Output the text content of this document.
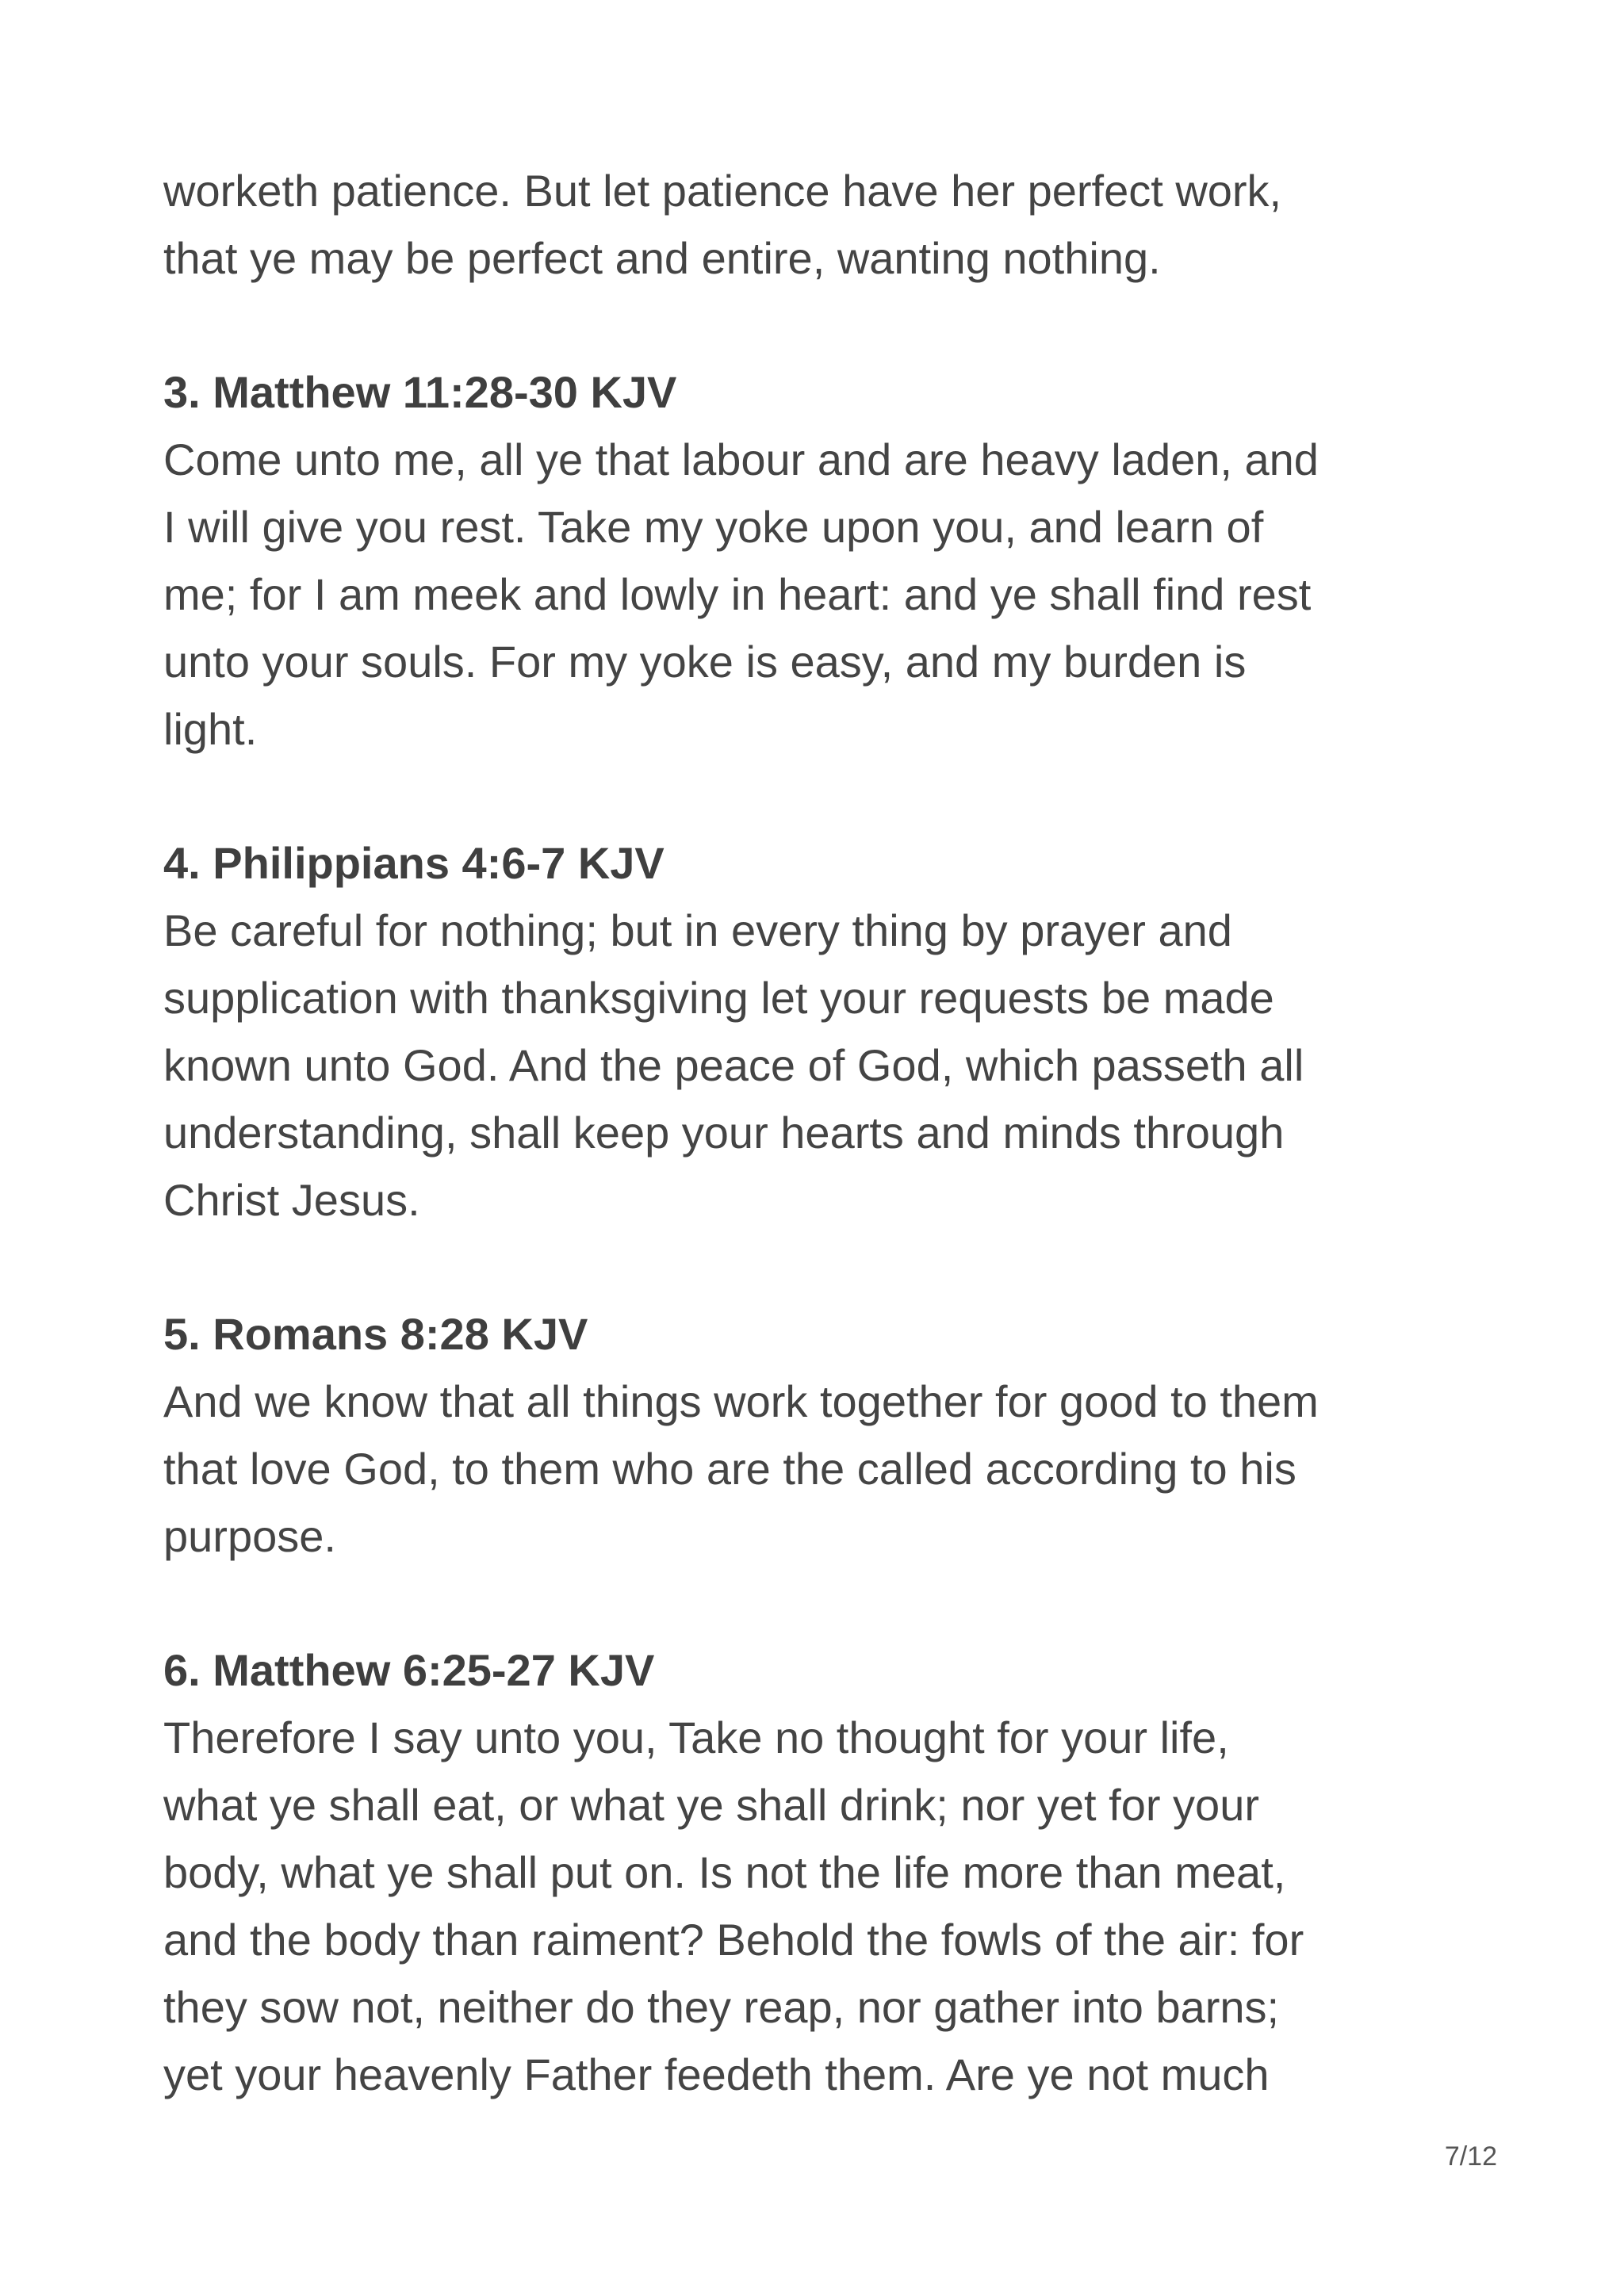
worketh patience. But let patience have her perfect work,
that ye may be perfect and entire, wanting nothing.

3. Matthew 11:28-30 KJV

Come unto me, all ye that labour and are heavy laden, and
I will give you rest. Take my yoke upon you, and learn of
me; for I am meek and lowly in heart: and ye shall find rest
unto your souls. For my yoke is easy, and my burden is
light.

4. Philippians 4:6-7 KJV

Be careful for nothing; but in every thing by prayer and
supplication with thanksgiving let your requests be made
known unto God. And the peace of God, which passeth all
understanding, shall keep your hearts and minds through
Christ Jesus.

5. Romans 8:28 KJV

And we know that all things work together for good to them
that love God, to them who are the called according to his
purpose.

6. Matthew 6:25-27 KJV

Therefore I say unto you, Take no thought for your life,
what ye shall eat, or what ye shall drink; nor yet for your
body, what ye shall put on. Is not the life more than meat,
and the body than raiment? Behold the fowls of the air: for
they sow not, neither do they reap, nor gather into barns;
yet your heavenly Father feedeth them. Are ye not much

7/12
